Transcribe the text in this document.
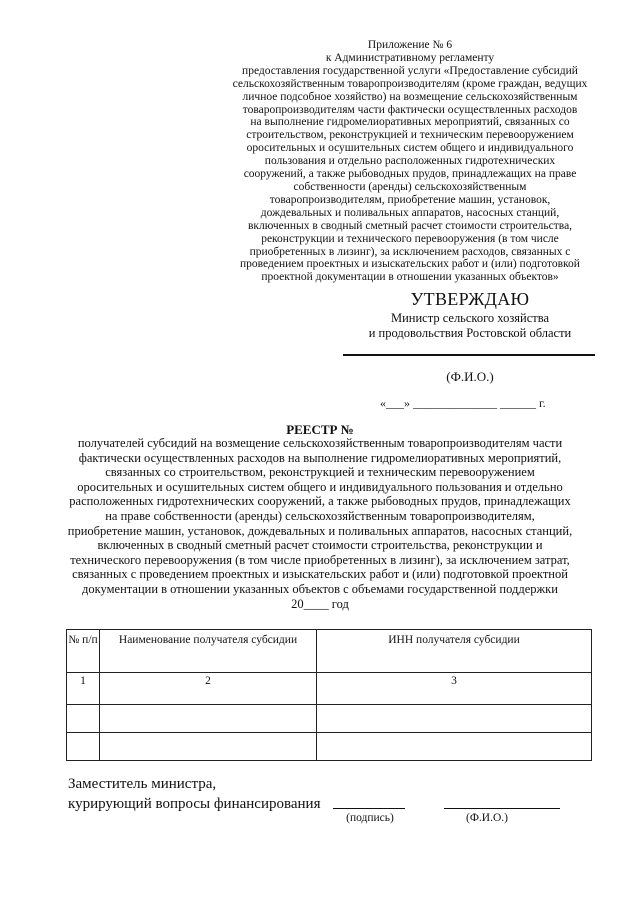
Приложение № 6
к Административному регламенту
предоставления государственной услуги «Предоставление субсидий
сельскохозяйственным товаропроизводителям (кроме граждан, ведущих
личное подсобное хозяйство) на возмещение сельскохозяйственным
товаропроизводителям части фактически осуществленных расходов
на выполнение гидромелиоративных мероприятий, связанных со
строительством, реконструкцией и техническим перевооружением
оросительных и осушительных систем общего и индивидуального
пользования и отдельно расположенных гидротехнических
сооружений, а также рыбоводных прудов, принадлежащих на праве
собственности (аренды) сельскохозяйственным
товаропроизводителям, приобретение машин, установок,
дождевальных и поливальных аппаратов, насосных станций,
включенных в сводный сметный расчет стоимости строительства,
реконструкции и технического перевооружения (в том числе
приобретенных в лизинг), за исключением расходов, связанных с
проведением проектных и изыскательских работ и (или) подготовкой
проектной документации в отношении указанных объектов»
УТВЕРЖДАЮ
Министр сельского хозяйства
и продовольствия Ростовской области
(Ф.И.О.)
«___» ______________ ______ г.
РЕЕСТР №
получателей субсидий на возмещение сельскохозяйственным товаропроизводителям части
фактически осуществленных расходов на выполнение гидромелиоративных мероприятий,
связанных со строительством, реконструкцией и техническим перевооружением
оросительных и осушительных систем общего и индивидуального пользования и отдельно
расположенных гидротехнических сооружений, а также рыбоводных прудов, принадлежащих
на праве собственности (аренды) сельскохозяйственным товаропроизводителям,
приобретение машин, установок, дождевальных и поливальных аппаратов, насосных станций,
включенных в сводный сметный расчет стоимости строительства, реконструкции и
технического перевооружения (в том числе приобретенных в лизинг), за исключением затрат,
связанных с проведением проектных и изыскательских работ и (или) подготовкой проектной
документации в отношении указанных объектов с объемами государственной поддержки
20____ год
№ п/п	Наименование получателя субсидии	ИНН получателя субсидии
1	2	3

Заместитель министра,
курирующий вопросы финансирования
(подпись)	(Ф.И.О.)
